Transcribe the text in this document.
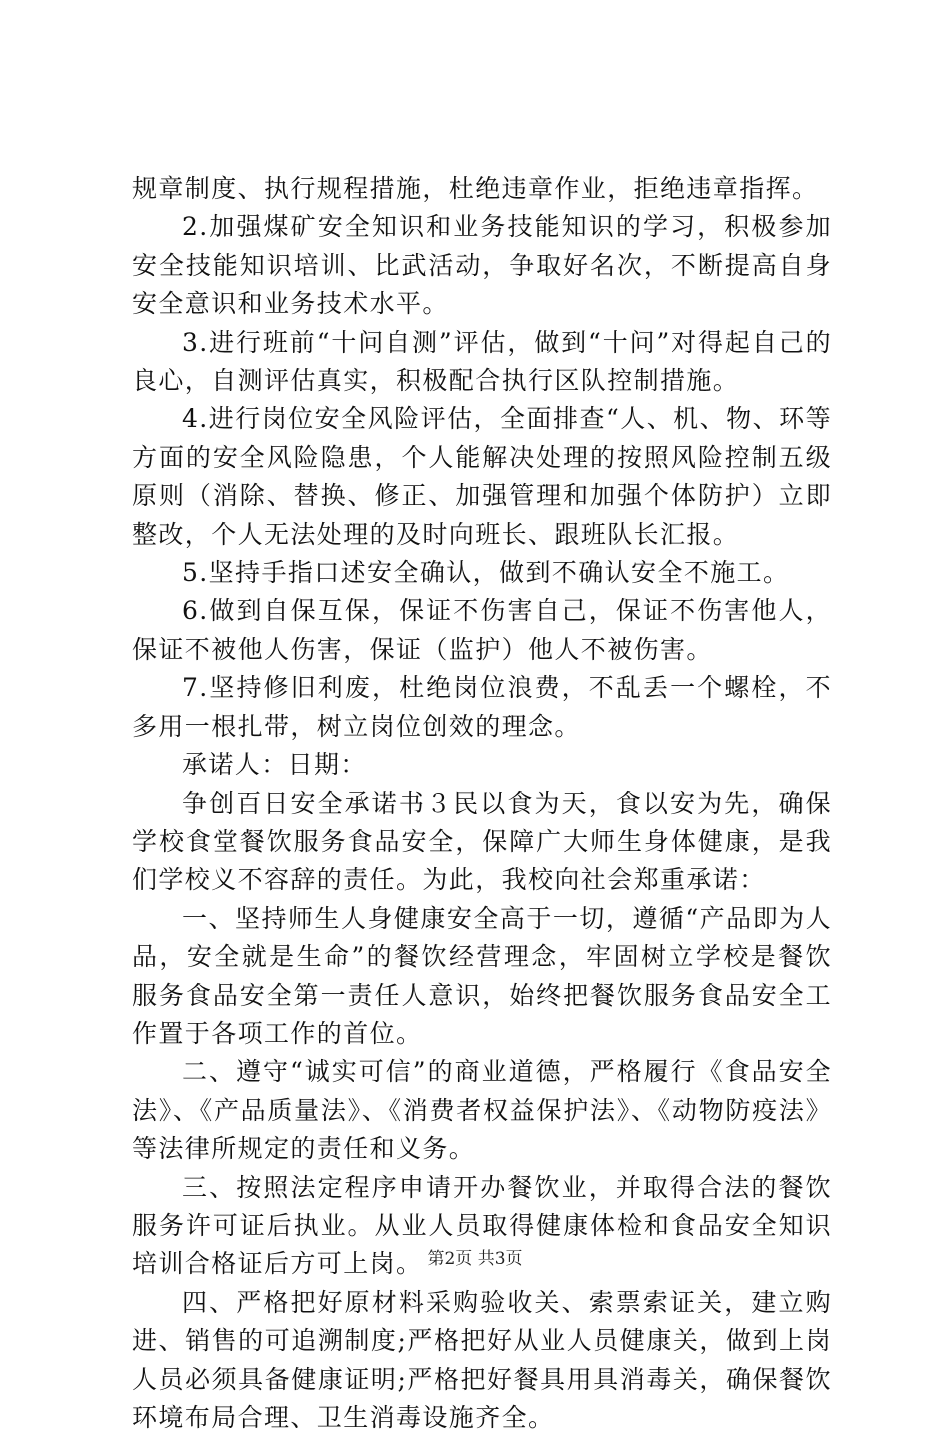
规章制度、执行规程措施，杜绝违章作业，拒绝违章指挥。

2.加强煤矿安全知识和业务技能知识的学习，积极参加安全技能知识培训、比武活动，争取好名次，不断提高自身安全意识和业务技术水平。

3.进行班前“十问自测”评估，做到“十问”对得起自己的良心，自测评估真实，积极配合执行区队控制措施。

4.进行岗位安全风险评估，全面排查“人、机、物、环等方面的安全风险隐患，个人能解决处理的按照风险控制五级原则（消除、替换、修正、加强管理和加强个体防护）立即整改，个人无法处理的及时向班长、跟班队长汇报。

5.坚持手指口述安全确认，做到不确认安全不施工。

6.做到自保互保，保证不伤害自己，保证不伤害他人，保证不被他人伤害，保证（监护）他人不被伤害。

7.坚持修旧利废，杜绝岗位浪费，不乱丢一个螺栓，不多用一根扎带，树立岗位创效的理念。

承诺人：日期：

争创百日安全承诺书３民以食为天，食以安为先，确保学校食堂餐饮服务食品安全，保障广大师生身体健康，是我们学校义不容辞的责任。为此，我校向社会郑重承诺：

一、坚持师生人身健康安全高于一切，遵循“产品即为人品，安全就是生命”的餐饮经营理念，牢固树立学校是餐饮服务食品安全第一责任人意识，始终把餐饮服务食品安全工作置于各项工作的首位。

二、遵守“诚实可信”的商业道德，严格履行《食品安全法》、《产品质量法》、《消费者权益保护法》、《动物防疫法》等法律所规定的责任和义务。

三、按照法定程序申请开办餐饮业，并取得合法的餐饮服务许可证后执业。从业人员取得健康体检和食品安全知识培训合格证后方可上岗。

四、严格把好原材料采购验收关、索票索证关，建立购进、销售的可追溯制度;严格把好从业人员健康关，做到上岗人员必须具备健康证明;严格把好餐具用具消毒关，确保餐饮环境布局合理、卫生消毒设施齐全。

第2页 共3页
